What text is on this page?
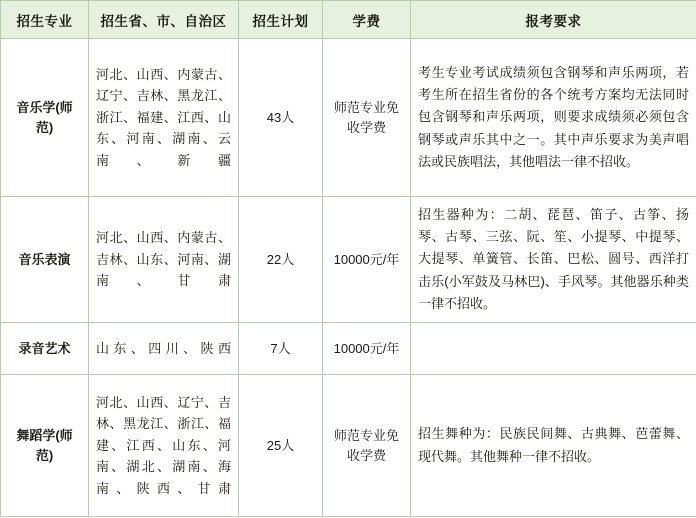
招生专业	招生省、市、自治区	招生计划	学费	报考要求
音乐学(师范)	河北、山西、内蒙古、辽宁、吉林、黑龙江、浙江、福建、江西、山东、河南、湖南、云南、新疆	43人	师范专业免收学费	考生专业考试成绩须包含钢琴和声乐两项，若考生所在招生省份的各个统考方案均无法同时包含钢琴和声乐两项，则要求成绩须必须包含钢琴或声乐其中之一。其中声乐要求为美声唱法或民族唱法，其他唱法一律不招收。
音乐表演	河北、山西、内蒙古、吉林、山东、河南、湖南、甘肃	22人	10000元/年	招生器种为：二胡、琵琶、笛子、古筝、扬琴、古琴、三弦、阮、笙、小提琴、中提琴、大提琴、单簧管、长笛、巴松、圆号、西洋打击乐(小军鼓及马林巴)、手风琴。其他器乐种类一律不招收。
录音艺术	山东、四川、陕西	7人	10000元/年	
舞蹈学(师范)	河北、山西、辽宁、吉林、黑龙江、浙江、福建、江西、山东、河南、湖北、湖南、海南、陕西、甘肃	25人	师范专业免收学费	招生舞种为：民族民间舞、古典舞、芭蕾舞、现代舞。其他舞种一律不招收。
